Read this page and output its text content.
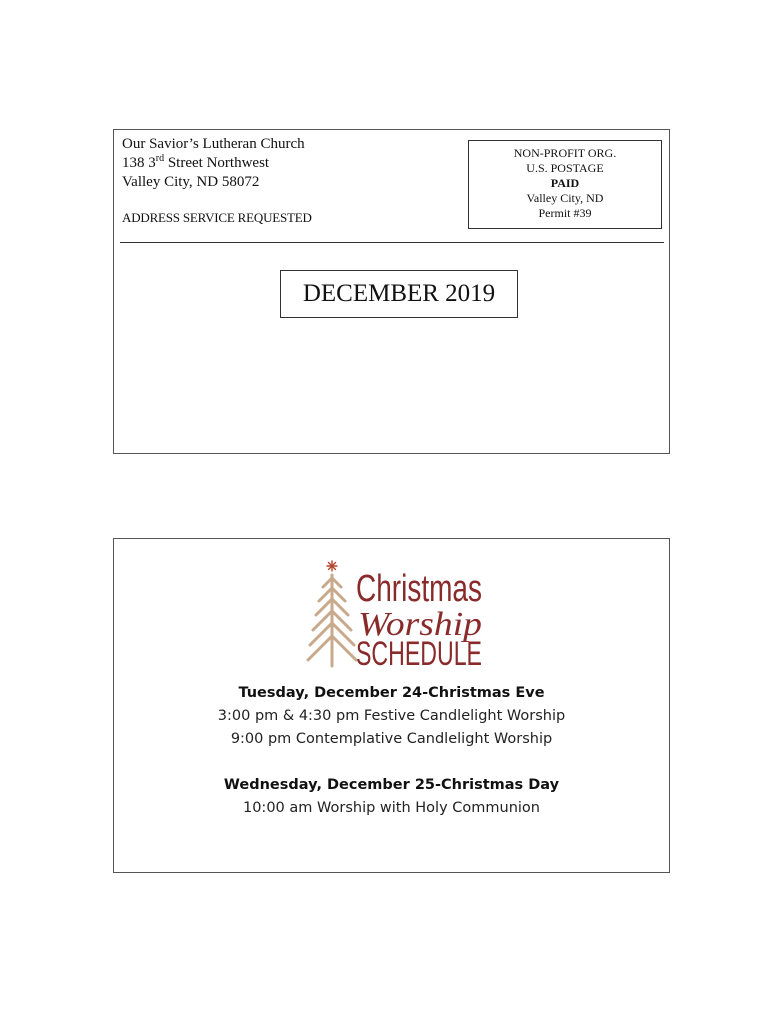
Our Savior’s Lutheran Church
138 3rd Street Northwest
Valley City, ND 58072
ADDRESS SERVICE REQUESTED
NON-PROFIT ORG.
U.S. POSTAGE
PAID
Valley City, ND
Permit #39
DECEMBER 2019
Christmas
Worship
SCHEDULE
Tuesday, December 24-Christmas Eve
3:00 pm & 4:30 pm Festive Candlelight Worship
9:00 pm Contemplative Candlelight Worship
Wednesday, December 25-Christmas Day
10:00 am Worship with Holy Communion
